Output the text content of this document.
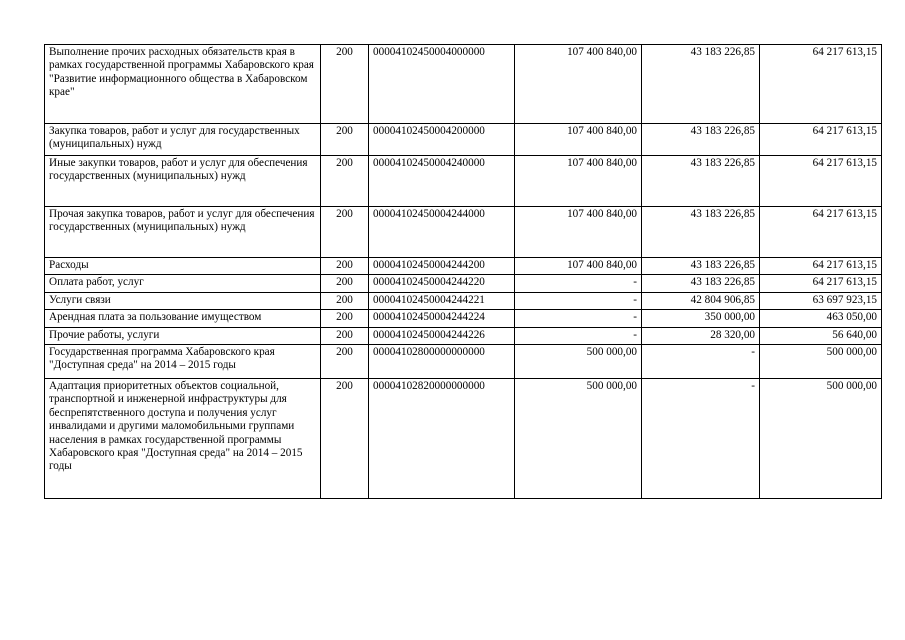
Выполнение прочих расходных обязательств края в рамках государственной программы Хабаровского края "Развитие информационного общества в Хабаровском крае"	200	00004102450004000000	107 400 840,00	43 183 226,85	64 217 613,15
Закупка товаров, работ и услуг для государственных (муниципальных) нужд	200	00004102450004200000	107 400 840,00	43 183 226,85	64 217 613,15
Иные закупки товаров, работ и услуг для обеспечения государственных (муниципальных) нужд	200	00004102450004240000	107 400 840,00	43 183 226,85	64 217 613,15
Прочая закупка товаров, работ и услуг для обеспечения государственных (муниципальных) нужд	200	00004102450004244000	107 400 840,00	43 183 226,85	64 217 613,15
Расходы	200	00004102450004244200	107 400 840,00	43 183 226,85	64 217 613,15
Оплата работ, услуг	200	00004102450004244220	-	43 183 226,85	64 217 613,15
Услуги связи	200	00004102450004244221	-	42 804 906,85	63 697 923,15
Арендная плата за пользование имуществом	200	00004102450004244224	-	350 000,00	463 050,00
Прочие работы, услуги	200	00004102450004244226	-	28 320,00	56 640,00
Государственная программа Хабаровского края "Доступная среда" на 2014 – 2015 годы	200	00004102800000000000	500 000,00	-	500 000,00
Адаптация приоритетных объектов социальной, транспортной и инженерной инфраструктуры для беспрепятственного доступа и получения услуг инвалидами и другими маломобильными группами населения в рамках государственной программы Хабаровского края "Доступная среда" на 2014 – 2015 годы	200	00004102820000000000	500 000,00	-	500 000,00
